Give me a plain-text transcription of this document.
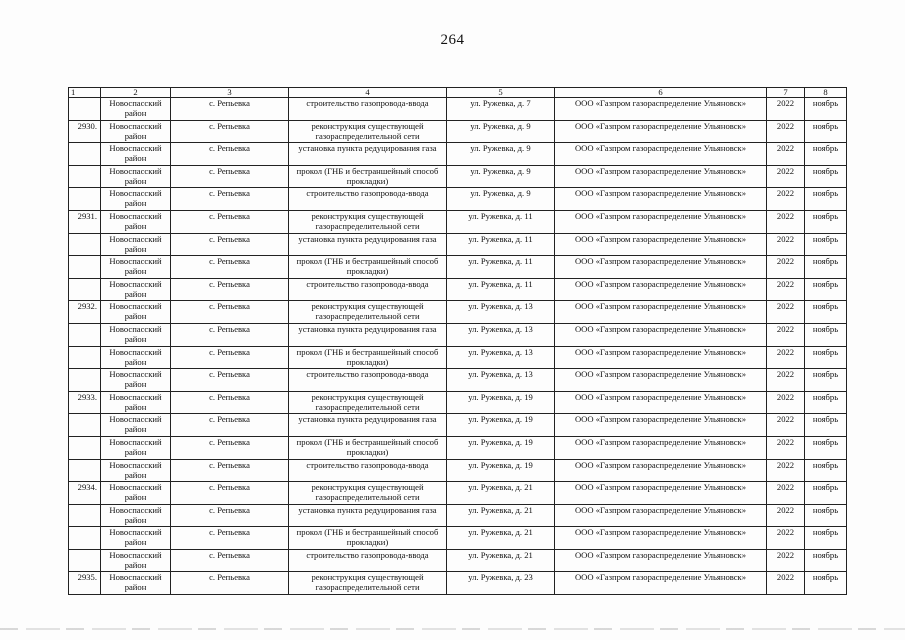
264
1	2	3	4	5	6	7	8
	Новоспасский район	с. Репьевка	строительство газопровода-ввода	ул. Ружевка, д. 7	ООО «Газпром газораспределение Ульяновск»	2022	ноябрь
2930.	Новоспасский район	с. Репьевка	реконструкция существующей газораспределительной сети	ул. Ружевка, д. 9	ООО «Газпром газораспределение Ульяновск»	2022	ноябрь
	Новоспасский район	с. Репьевка	установка пункта редуцирования газа	ул. Ружевка, д. 9	ООО «Газпром газораспределение Ульяновск»	2022	ноябрь
	Новоспасский район	с. Репьевка	прокол (ГНБ и бестраншейный способ прокладки)	ул. Ружевка, д. 9	ООО «Газпром газораспределение Ульяновск»	2022	ноябрь
	Новоспасский район	с. Репьевка	строительство газопровода-ввода	ул. Ружевка, д. 9	ООО «Газпром газораспределение Ульяновск»	2022	ноябрь
2931.	Новоспасский район	с. Репьевка	реконструкция существующей газораспределительной сети	ул. Ружевка, д. 11	ООО «Газпром газораспределение Ульяновск»	2022	ноябрь
	Новоспасский район	с. Репьевка	установка пункта редуцирования газа	ул. Ружевка, д. 11	ООО «Газпром газораспределение Ульяновск»	2022	ноябрь
	Новоспасский район	с. Репьевка	прокол (ГНБ и бестраншейный способ прокладки)	ул. Ружевка, д. 11	ООО «Газпром газораспределение Ульяновск»	2022	ноябрь
	Новоспасский район	с. Репьевка	строительство газопровода-ввода	ул. Ружевка, д. 11	ООО «Газпром газораспределение Ульяновск»	2022	ноябрь
2932.	Новоспасский район	с. Репьевка	реконструкция существующей газораспределительной сети	ул. Ружевка, д. 13	ООО «Газпром газораспределение Ульяновск»	2022	ноябрь
	Новоспасский район	с. Репьевка	установка пункта редуцирования газа	ул. Ружевка, д. 13	ООО «Газпром газораспределение Ульяновск»	2022	ноябрь
	Новоспасский район	с. Репьевка	прокол (ГНБ и бестраншейный способ прокладки)	ул. Ружевка, д. 13	ООО «Газпром газораспределение Ульяновск»	2022	ноябрь
	Новоспасский район	с. Репьевка	строительство газопровода-ввода	ул. Ружевка, д. 13	ООО «Газпром газораспределение Ульяновск»	2022	ноябрь
2933.	Новоспасский район	с. Репьевка	реконструкция существующей газораспределительной сети	ул. Ружевка, д. 19	ООО «Газпром газораспределение Ульяновск»	2022	ноябрь
	Новоспасский район	с. Репьевка	установка пункта редуцирования газа	ул. Ружевка, д. 19	ООО «Газпром газораспределение Ульяновск»	2022	ноябрь
	Новоспасский район	с. Репьевка	прокол (ГНБ и бестраншейный способ прокладки)	ул. Ружевка, д. 19	ООО «Газпром газораспределение Ульяновск»	2022	ноябрь
	Новоспасский район	с. Репьевка	строительство газопровода-ввода	ул. Ружевка, д. 19	ООО «Газпром газораспределение Ульяновск»	2022	ноябрь
2934.	Новоспасский район	с. Репьевка	реконструкция существующей газораспределительной сети	ул. Ружевка, д. 21	ООО «Газпром газораспределение Ульяновск»	2022	ноябрь
	Новоспасский район	с. Репьевка	установка пункта редуцирования газа	ул. Ружевка, д. 21	ООО «Газпром газораспределение Ульяновск»	2022	ноябрь
	Новоспасский район	с. Репьевка	прокол (ГНБ и бестраншейный способ прокладки)	ул. Ружевка, д. 21	ООО «Газпром газораспределение Ульяновск»	2022	ноябрь
	Новоспасский район	с. Репьевка	строительство газопровода-ввода	ул. Ружевка, д. 21	ООО «Газпром газораспределение Ульяновск»	2022	ноябрь
2935.	Новоспасский район	с. Репьевка	реконструкция существующей газораспределительной сети	ул. Ружевка, д. 23	ООО «Газпром газораспределение Ульяновск»	2022	ноябрь
